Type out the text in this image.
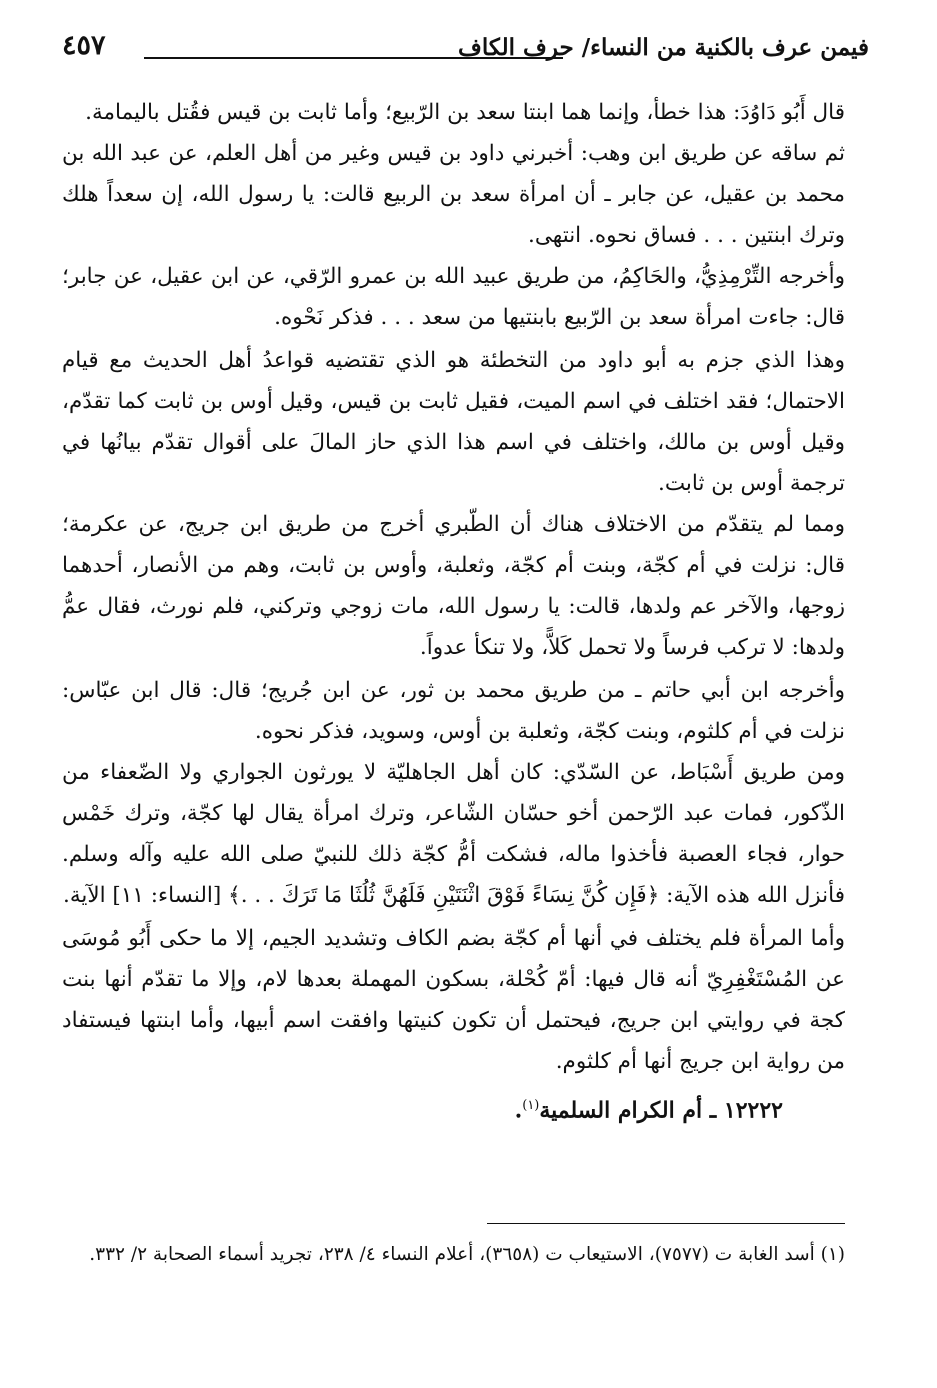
فيمن عرف بالكنية من النساء/ حرف الكاف
٤٥٧

قال أَبُو دَاوُدَ: هذا خطأ، وإنما هما ابنتا سعد بن الرّبيع؛ وأما ثابت بن قيس فقُتل باليمامة.

ثم ساقه عن طريق ابن وهب: أخبرني داود بن قيس وغير من أهل العلم، عن عبد الله بن محمد بن عقيل، عن جابر ـ أن امرأة سعد بن الربيع قالت: يا رسول الله، إن سعداً هلك وترك ابنتين . . . فساق نحوه. انتهى.

وأخرجه التِّرْمِذِيُّ، والحَاكِمُ، من طريق عبيد الله بن عمرو الرّقي، عن ابن عقيل، عن جابر؛ قال: جاءت امرأة سعد بن الرّبيع بابنتيها من سعد . . . فذكر نَحْوه.

وهذا الذي جزم به أبو داود من التخطئة هو الذي تقتضيه قواعدُ أهل الحديث مع قيام الاحتمال؛ فقد اختلف في اسم الميت، فقيل ثابت بن قيس، وقيل أوس بن ثابت كما تقدّم، وقيل أوس بن مالك، واختلف في اسم هذا الذي حاز المالَ على أقوال تقدّم بيانُها في ترجمة أوس بن ثابت.

ومما لم يتقدّم من الاختلاف هناك أن الطّبري أخرج من طريق ابن جريج، عن عكرمة؛ قال: نزلت في أم كجّة، وبنت أم كجّة، وثعلبة، وأوس بن ثابت، وهم من الأنصار، أحدهما زوجها، والآخر عم ولدها، قالت: يا رسول الله، مات زوجي وتركني، فلم نورث، فقال عمُّ ولدها: لا تركب فرساً ولا تحمل كَلاًّ، ولا تنكأ عدواً.

وأخرجه ابن أبي حاتم ـ من طريق محمد بن ثور، عن ابن جُريج؛ قال: قال ابن عبّاس: نزلت في أم كلثوم، وبنت كجّة، وثعلبة بن أوس، وسويد، فذكر نحوه.

ومن طريق أَسْبَاط، عن السّدّي: كان أهل الجاهليّة لا يورثون الجواري ولا الضّعفاء من الذّكور، فمات عبد الرّحمن أخو حسّان الشّاعر، وترك امرأة يقال لها كجّة، وترك خَمْس حوار، فجاء العصبة فأخذوا ماله، فشكت أمُّ كجّة ذلك للنبيّ صلى الله عليه وآله وسلم. فأنزل الله هذه الآية: ﴿فَإِن كُنَّ نِسَاءً فَوْقَ اثْنَتَيْنِ فَلَهُنَّ ثُلُثَا مَا تَرَكَ . . .﴾ [النساء: ١١] الآية.

وأما المرأة فلم يختلف في أنها أم كجّة بضم الكاف وتشديد الجيم، إلا ما حكى أَبُو مُوسَى عن المُسْتَغْفِرِيّ أنه قال فيها: أمّ كُحْلة، بسكون المهملة بعدها لام، وإلا ما تقدّم أنها بنت كجة في روايتي ابن جريج، فيحتمل أن تكون كنيتها وافقت اسم أبيها، وأما ابنتها فيستفاد من رواية ابن جريج أنها أم كلثوم.

١٢٢٢٢ ـ أم الكرام السلمية$^{(١)}$.
(١) أسد الغابة ت (٧٥٧٧)، الاستيعاب ت (٣٦٥٨)، أعلام النساء ٤/ ٢٣٨، تجريد أسماء الصحابة ٢/ ٣٣٢.
